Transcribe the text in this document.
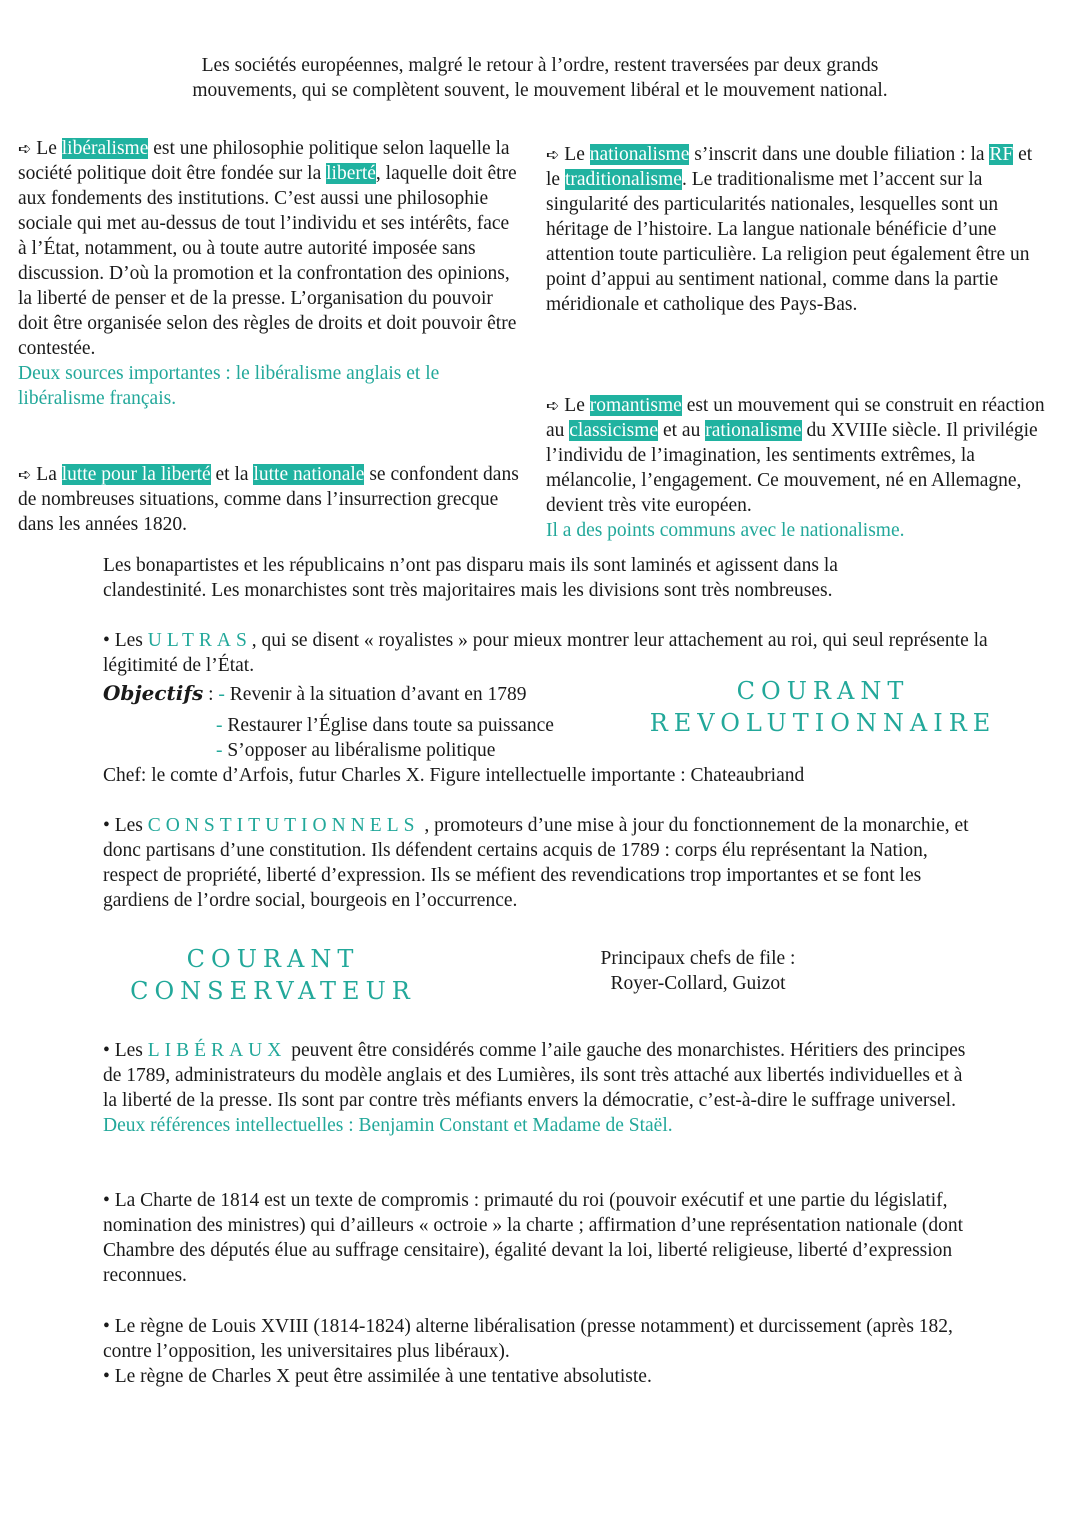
Les sociétés européennes, malgré le retour à l’ordre, restent traversées par deux grands

mouvements, qui se complètent souvent, le mouvement libéral et le mouvement national.

➪ Le libéralisme est une philosophie politique selon laquelle la société politique doit être fondée sur la liberté, laquelle doit être aux fondements des institutions. C’est aussi une philosophie sociale qui met au-dessus de tout l’individu et ses intérêts, face à l’État, notamment, ou à toute autre autorité imposée sans discussion. D’où la promotion et la confrontation des opinions, la liberté de penser et de la presse. L’organisation du pouvoir doit être organisée selon des règles de droits et doit pouvoir être contestée.

Deux sources importantes : le libéralisme anglais et le libéralisme français.

➪ La lutte pour la liberté et la lutte nationale se confondent dans de nombreuses situations, comme dans l’insurrection grecque dans les années 1820.

➪ Le nationalisme s’inscrit dans une double filiation : la RF et le traditionalisme. Le traditionalisme met l’accent sur la singularité des particularités nationales, lesquelles sont un héritage de l’histoire. La langue nationale bénéficie d’une attention toute particulière. La religion peut également être un point d’appui au sentiment national, comme dans la partie méridionale et catholique des Pays-Bas.

➪ Le romantisme est un mouvement qui se construit en réaction au classicisme et au rationalisme du XVIIIe siècle. Il privilégie l’individu de l’imagination, les sentiments extrêmes, la mélancolie, l’engagement. Ce mouvement, né en Allemagne, devient très vite européen.

Il a des points communs avec le nationalisme.

Les bonapartistes et les républicains n’ont pas disparu mais ils sont laminés et agissent dans la clandestinité. Les monarchistes sont très majoritaires mais les divisions sont très nombreuses.

• Les ULTRAS, qui se disent « royalistes » pour mieux montrer leur attachement au roi, qui seul représente la légitimité de l’État.

Objectifs : - Revenir à la situation d’avant en 1789
- Restaurer l’Église dans toute sa puissance
- S’opposer au libéralisme politique
Chef: le comte d’Arfois, futur Charles X. Figure intellectuelle importante : Chateaubriand
COURANT
REVOLUTIONNAIRE

• Les CONSTITUTIONNELS , promoteurs d’une mise à jour du fonctionnement de la monarchie, et donc partisans d’une constitution. Ils défendent certains acquis de 1789 : corps élu représentant la Nation, respect de propriété, liberté d’expression. Ils se méfient des revendications trop importantes et se font les gardiens de l’ordre social, bourgeois en l’occurrence.

COURANT
CONSERVATEUR

Principaux chefs de file :

Royer-Collard, Guizot

• Les LIBÉRAUX peuvent être considérés comme l’aile gauche des monarchistes. Héritiers des principes de 1789, administrateurs du modèle anglais et des Lumières, ils sont très attaché aux libertés individuelles et à la liberté de la presse. Ils sont par contre très méfiants envers la démocratie, c’est-à-dire le suffrage universel. Deux références intellectuelles : Benjamin Constant et Madame de Staël.

• La Charte de 1814 est un texte de compromis : primauté du roi (pouvoir exécutif et une partie du législatif, nomination des ministres) qui d’ailleurs « octroie » la charte ; affirmation d’une représentation nationale (dont Chambre des députés élue au suffrage censitaire), égalité devant la loi, liberté religieuse, liberté d’expression reconnues.

• Le règne de Louis XVIII (1814-1824) alterne libéralisation (presse notamment) et durcissement (après 182, contre l’opposition, les universitaires plus libéraux).

• Le règne de Charles X peut être assimilée à une tentative absolutiste.
